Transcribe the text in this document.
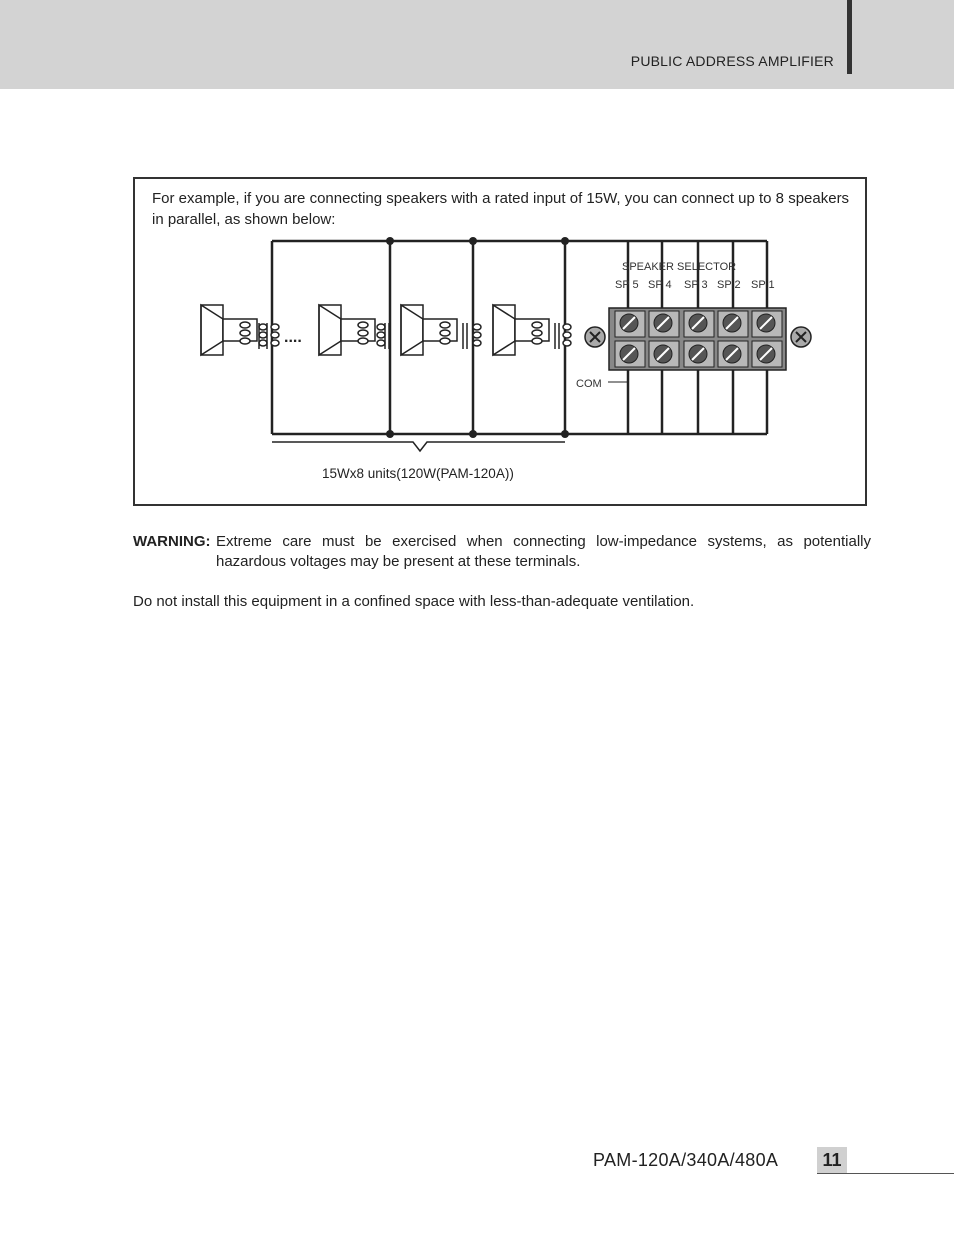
PUBLIC ADDRESS AMPLIFIER
For example, if you are connecting speakers with a rated input of 15W, you can connect up to 8 speakers in parallel, as shown below:
....
SPEAKER SELECTOR
SP 5 SP 4 SP 3 SP 2 SP 1
COM
15Wx8 units(120W(PAM-120A))
WARNING: Extreme care must be exercised when connecting low-impedance systems, as potentially hazardous voltages may be present at these terminals.
Do not install this equipment in a confined space with less-than-adequate ventilation.
PAM-120A/340A/480A	11
